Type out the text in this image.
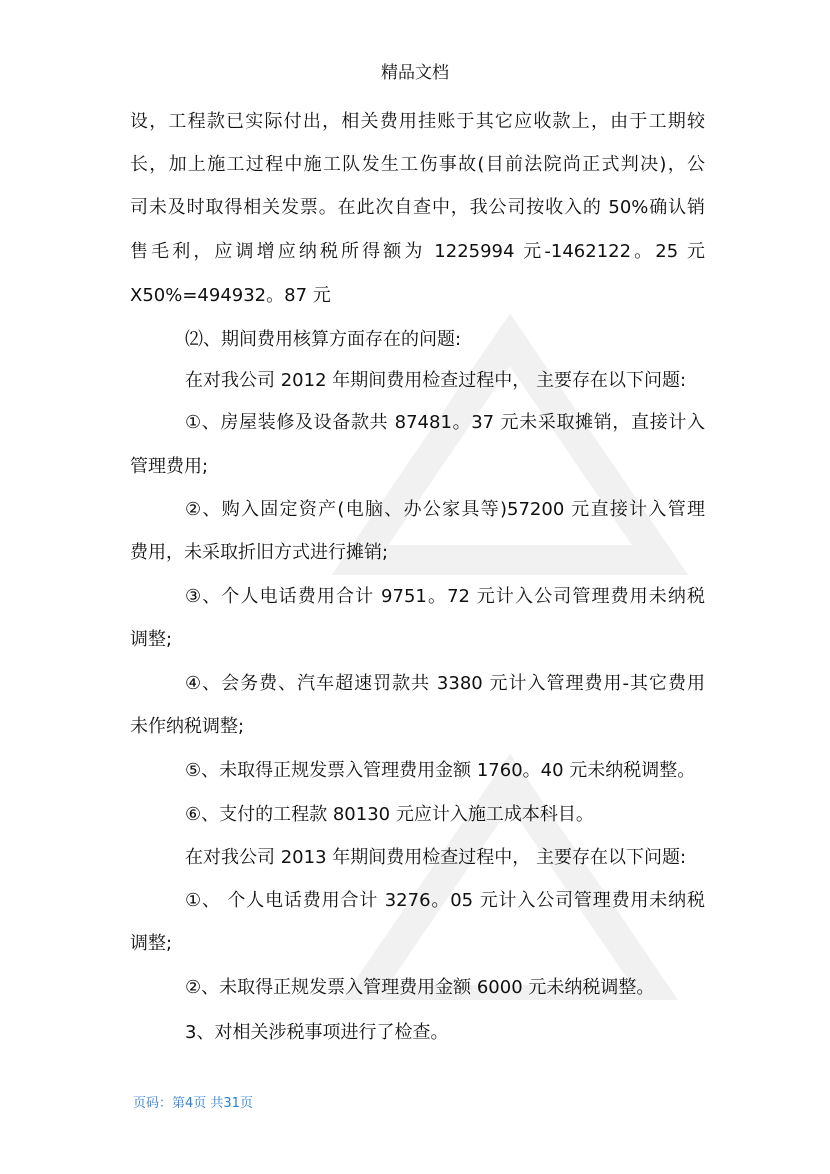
精品文档
设，工程款已实际付出，相关费用挂账于其它应收款上，由于工期较
长，加上施工过程中施工队发生工伤事故(目前法院尚正式判决)，公
司未及时取得相关发票。在此次自查中，我公司按收入的 50%确认销
售毛利，应调增应纳税所得额为 1225994 元-1462122。25 元
X50%=494932。87 元
⑵、期间费用核算方面存在的问题:
在对我公司 2012 年期间费用检查过程中， 主要存在以下问题:
①、房屋装修及设备款共 87481。37 元未采取摊销，直接计入
管理费用;
②、购入固定资产(电脑、办公家具等)57200 元直接计入管理
费用，未采取折旧方式进行摊销;
③、个人电话费用合计 9751。72 元计入公司管理费用未纳税
调整;
④、会务费、汽车超速罚款共 3380 元计入管理费用-其它费用
未作纳税调整;
⑤、未取得正规发票入管理费用金额 1760。40 元未纳税调整。
⑥、支付的工程款 80130 元应计入施工成本科目。
在对我公司 2013 年期间费用检查过程中， 主要存在以下问题:
①、 个人电话费用合计 3276。05 元计入公司管理费用未纳税
调整;
②、未取得正规发票入管理费用金额 6000 元未纳税调整。
3、对相关涉税事项进行了检查。
页码：第4页 共31页
